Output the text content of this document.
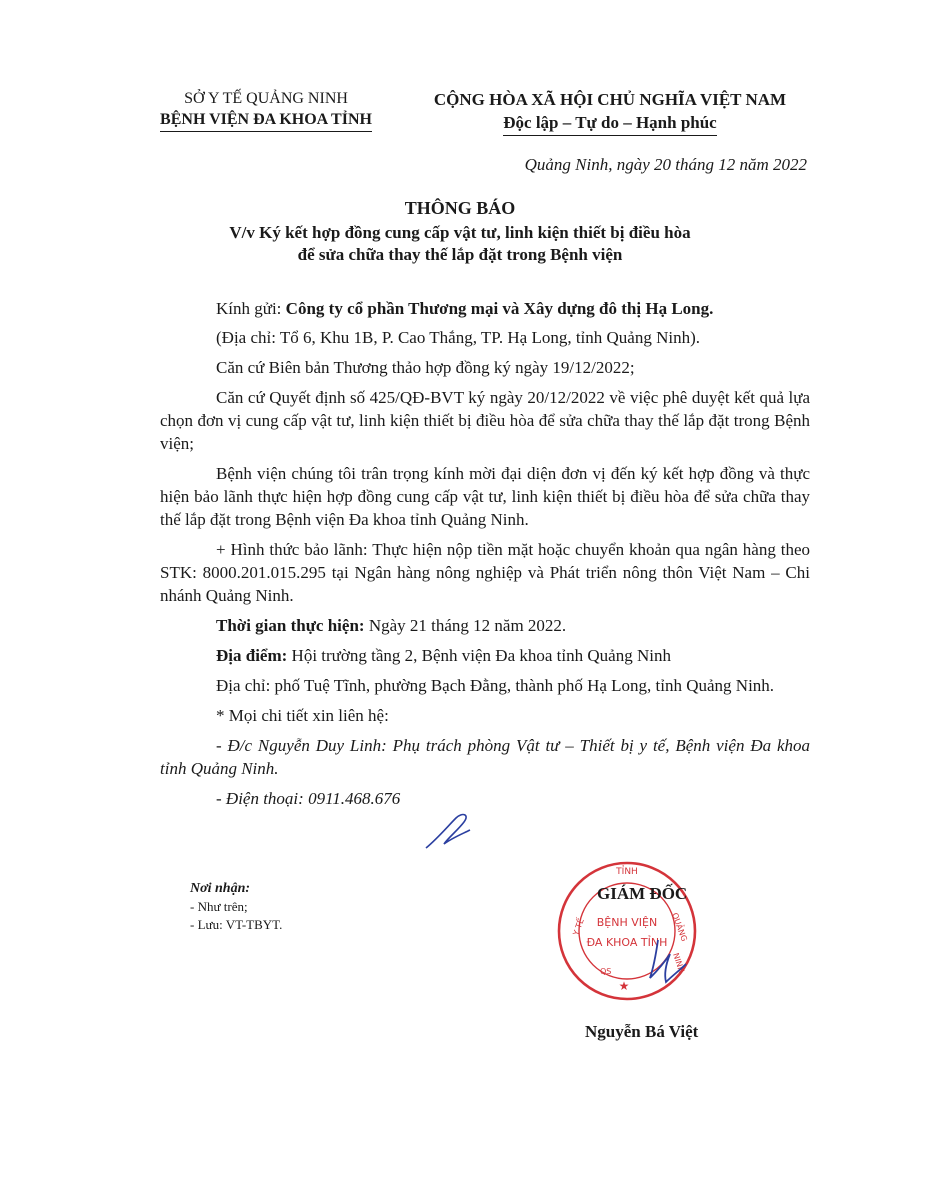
SỞ Y TẾ QUẢNG NINH
BỆNH VIỆN ĐA KHOA TỈNH
CỘNG HÒA XÃ HỘI CHỦ NGHĨA VIỆT NAM
Độc lập – Tự do – Hạnh phúc
Quảng Ninh, ngày 20 tháng 12 năm 2022
THÔNG BÁO
V/v Ký kết hợp đồng cung cấp vật tư, linh kiện thiết bị điều hòa
để sửa chữa thay thế lắp đặt trong Bệnh viện

Kính gửi: Công ty cổ phần Thương mại và Xây dựng đô thị Hạ Long.

(Địa chỉ: Tổ 6, Khu 1B, P. Cao Thắng, TP. Hạ Long, tỉnh Quảng Ninh).

Căn cứ Biên bản Thương thảo hợp đồng ký ngày 19/12/2022;

Căn cứ Quyết định số 425/QĐ-BVT ký ngày 20/12/2022 về việc phê duyệt kết quả lựa chọn đơn vị cung cấp vật tư, linh kiện thiết bị điều hòa để sửa chữa thay thế lắp đặt trong Bệnh viện;

Bệnh viện chúng tôi trân trọng kính mời đại diện đơn vị đến ký kết hợp đồng và thực hiện bảo lãnh thực hiện hợp đồng cung cấp vật tư, linh kiện thiết bị điều hòa để sửa chữa thay thế lắp đặt trong Bệnh viện Đa khoa tỉnh Quảng Ninh.

+ Hình thức bảo lãnh: Thực hiện nộp tiền mặt hoặc chuyển khoản qua ngân hàng theo STK: 8000.201.015.295 tại Ngân hàng nông nghiệp và Phát triển nông thôn Việt Nam – Chi nhánh Quảng Ninh.

Thời gian thực hiện: Ngày 21 tháng 12 năm 2022.

Địa điểm: Hội trường tầng 2, Bệnh viện Đa khoa tỉnh Quảng Ninh

Địa chỉ: phố Tuệ Tĩnh, phường Bạch Đằng, thành phố Hạ Long, tỉnh Quảng Ninh.

* Mọi chi tiết xin liên hệ:

- Đ/c Nguyễn Duy Linh: Phụ trách phòng Vật tư – Thiết bị y tế, Bệnh viện Đa khoa tỉnh Quảng Ninh.

- Điện thoại: 0911.468.676

Nơi nhận:
- Như trên;
- Lưu: VT-TBYT.
TỈNH
Y TẾ	QUẢNG
NINH
QS
★
BỆNH VIỆN
ĐA KHOA TỈNH
GIÁM ĐỐC
Nguyễn Bá Việt
